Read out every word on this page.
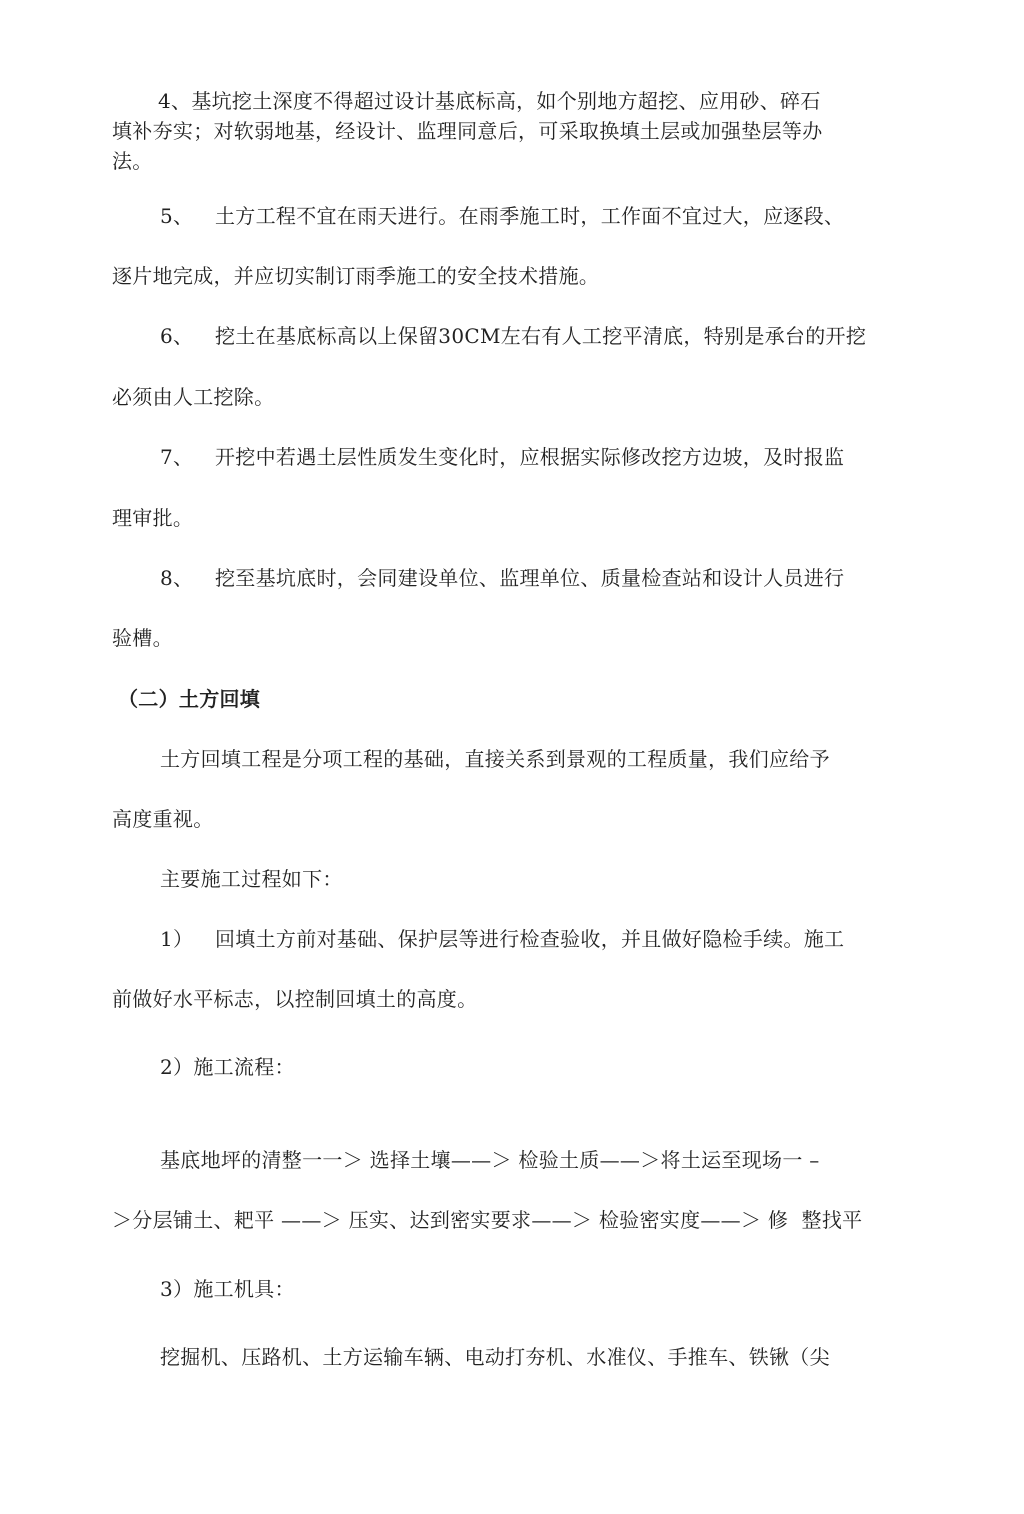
4、基坑挖土深度不得超过设计基底标高，如个别地方超挖、应用砂、碎石
填补夯实；对软弱地基，经设计、监理同意后，可采取换填土层或加强垫层等办
法。
5、 土方工程不宜在雨天进行。在雨季施工时，工作面不宜过大，应逐段、
逐片地完成，并应切实制订雨季施工的安全技术措施。
6、 挖土在基底标高以上保留30CM左右有人工挖平清底，特别是承台的开挖
必须由人工挖除。
7、 开挖中若遇土层性质发生变化时，应根据实际修改挖方边坡，及时报监
理审批。
8、 挖至基坑底时，会同建设单位、监理单位、质量检查站和设计人员进行
验槽。
（二）土方回填
土方回填工程是分项工程的基础，直接关系到景观的工程质量，我们应给予
高度重视。
主要施工过程如下：
1） 回填土方前对基础、保护层等进行检查验收，并且做好隐检手续。施工
前做好水平标志，以控制回填土的高度。
2）施工流程：
基底地坪的清整一一＞ 选择土壤——＞ 检验土质——＞将土运至现场一 –
＞分层铺土、耙平 ——＞ 压实、达到密实要求——＞ 检验密实度——＞ 修  整找平
3）施工机具：
挖掘机、压路机、土方运输车辆、电动打夯机、水准仪、手推车、铁锹（尖
